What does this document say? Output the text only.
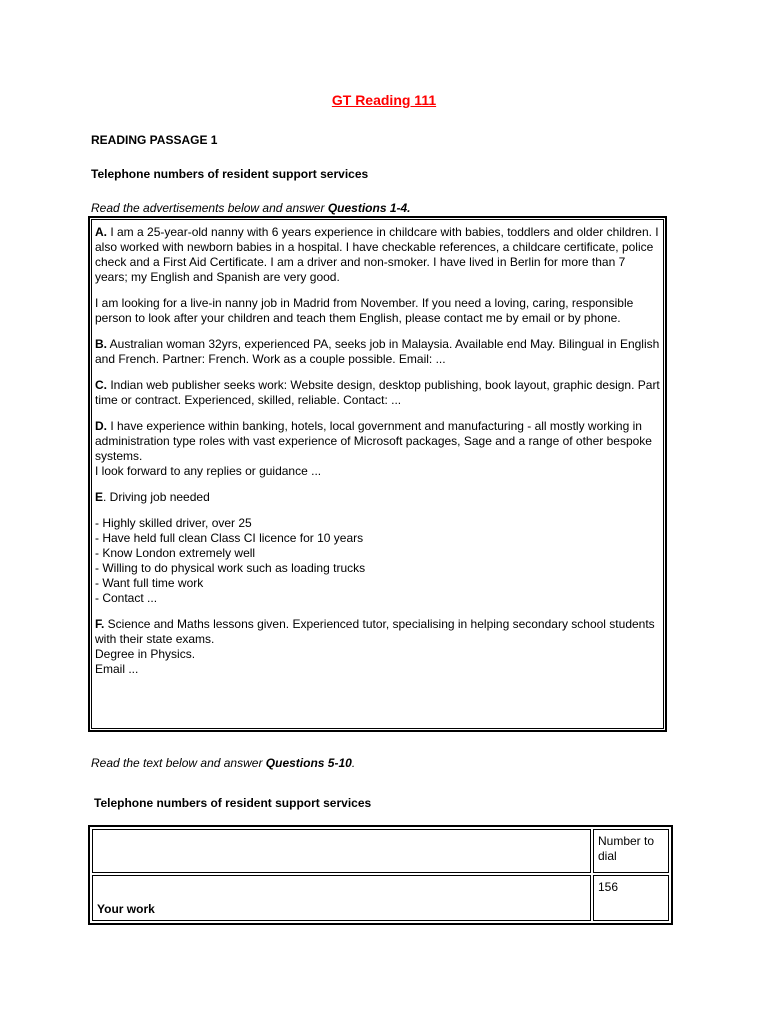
GT Reading 111
READING PASSAGE 1
Telephone numbers of resident support services
Read the advertisements below and answer Questions 1-4.

A. I am a 25-year-old nanny with 6 years experience in childcare with babies, toddlers and older children. I also worked with newborn babies in a hospital. I have checkable references, a childcare certificate, police check and a First Aid Certificate. I am a driver and non-smoker. I have lived in Berlin for more than 7 years; my English and Spanish are very good.

I am looking for a live-in nanny job in Madrid from November. If you need a loving, caring, responsible person to look after your children and teach them English, please contact me by email or by phone.

B. Australian woman 32yrs, experienced PA, seeks job in Malaysia. Available end May. Bilingual in English and French. Partner: French. Work as a couple possible. Email: ...

C. Indian web publisher seeks work: Website design, desktop publishing, book layout, graphic design. Part time or contract. Experienced, skilled, reliable. Contact: ...

D. I have experience within banking, hotels, local government and manufacturing - all mostly working in administration type roles with vast experience of Microsoft packages, Sage and a range of other bespoke systems.

I look forward to any replies or guidance ...

E. Driving job needed

- Highly skilled driver, over 25

- Have held full clean Class CI licence for 10 years

- Know London extremely well

- Willing to do physical work such as loading trucks

- Want full time work

- Contact ...

F. Science and Maths lessons given. Experienced tutor, specialising in helping secondary school students with their state exams.

Degree in Physics.

Email ...

Read the text below and answer Questions 5-10.
Telephone numbers of resident support services
	Number to dial
Your work	156
